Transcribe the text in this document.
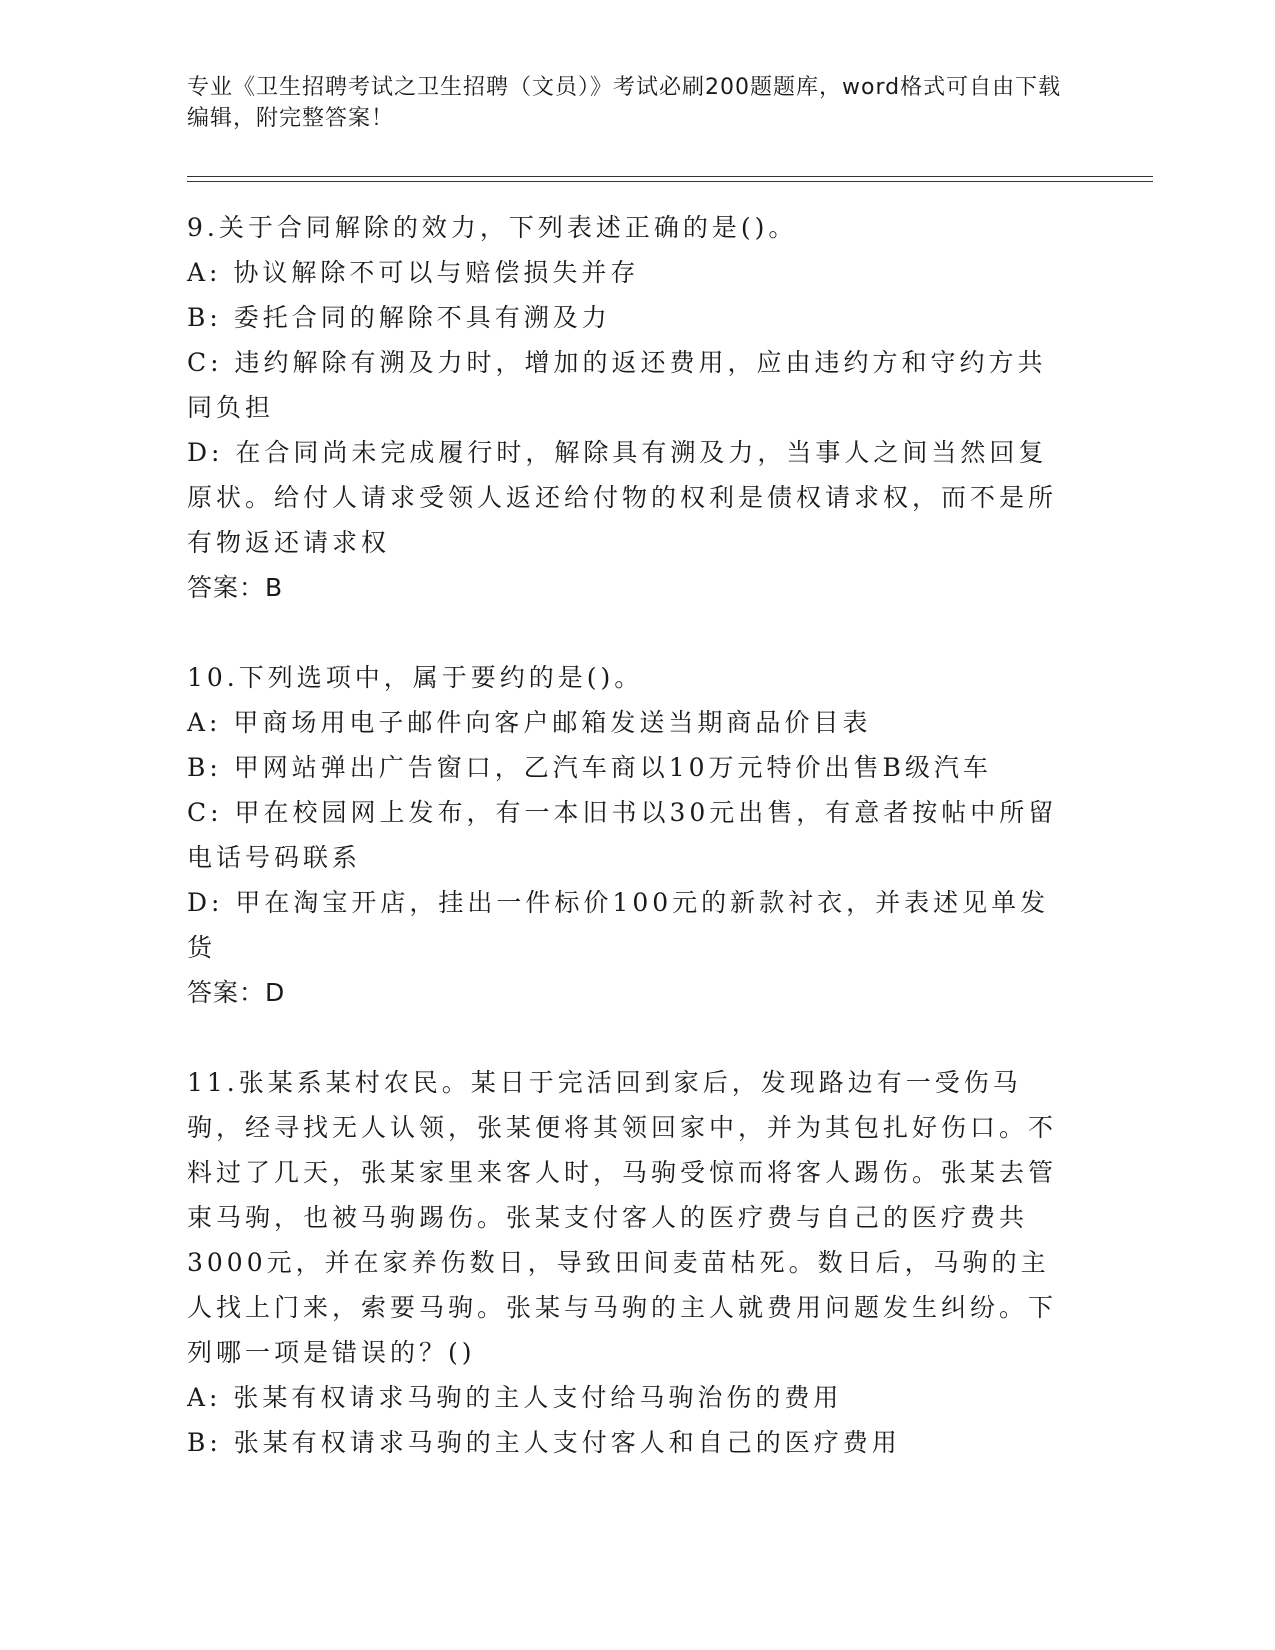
专业《卫生招聘考试之卫生招聘（文员）》考试必刷200题题库，word格式可自由下载编辑，附完整答案！

9.关于合同解除的效力，下列表述正确的是()。

A: 协议解除不可以与赔偿损失并存

B: 委托合同的解除不具有溯及力

C: 违约解除有溯及力时，增加的返还费用，应由违约方和守约方共同负担

D: 在合同尚未完成履行时，解除具有溯及力，当事人之间当然回复原状。给付人请求受领人返还给付物的权利是债权请求权，而不是所有物返还请求权

答案：B

10.下列选项中，属于要约的是()。

A: 甲商场用电子邮件向客户邮箱发送当期商品价目表

B: 甲网站弹出广告窗口，乙汽车商以10万元特价出售B级汽车

C: 甲在校园网上发布，有一本旧书以30元出售，有意者按帖中所留电话号码联系

D: 甲在淘宝开店，挂出一件标价100元的新款衬衣，并表述见单发货

答案：D

11.张某系某村农民。某日于完活回到家后，发现路边有一受伤马驹，经寻找无人认领，张某便将其领回家中，并为其包扎好伤口。不料过了几天，张某家里来客人时，马驹受惊而将客人踢伤。张某去管束马驹，也被马驹踢伤。张某支付客人的医疗费与自己的医疗费共3000元，并在家养伤数日，导致田间麦苗枯死。数日后，马驹的主人找上门来，索要马驹。张某与马驹的主人就费用问题发生纠纷。下列哪一项是错误的？()

A: 张某有权请求马驹的主人支付给马驹治伤的费用

B: 张某有权请求马驹的主人支付客人和自己的医疗费用
